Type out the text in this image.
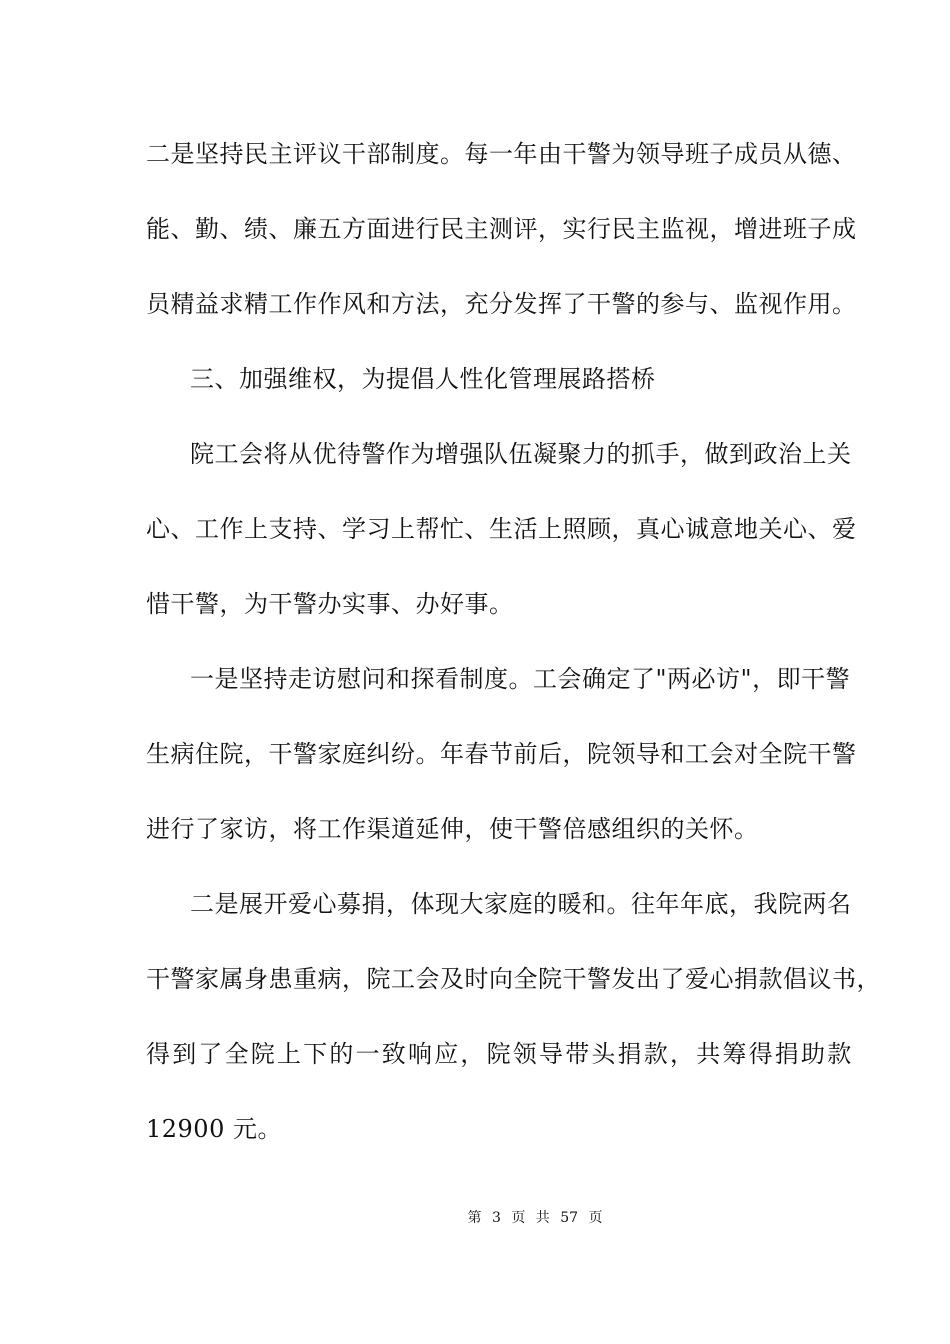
二是坚持民主评议干部制度。每一年由干警为领导班子成员从德、
能、勤、绩、廉五方面进行民主测评，实行民主监视，增进班子成
员精益求精工作作风和方法，充分发挥了干警的参与、监视作用。
三、加强维权，为提倡人性化管理展路搭桥
院工会将从优待警作为增强队伍凝聚力的抓手，做到政治上关
心、工作上支持、学习上帮忙、生活上照顾，真心诚意地关心、爱
惜干警，为干警办实事、办好事。
一是坚持走访慰问和探看制度。工会确定了"两必访"，即干警
生病住院，干警家庭纠纷。年春节前后，院领导和工会对全院干警
进行了家访，将工作渠道延伸，使干警倍感组织的关怀。
二是展开爱心募捐，体现大家庭的暖和。往年年底，我院两名
干警家属身患重病，院工会及时向全院干警发出了爱心捐款倡议书，
得到了全院上下的一致响应，院领导带头捐款，共筹得捐助款
12900 元。
第 3 页 共 57 页
